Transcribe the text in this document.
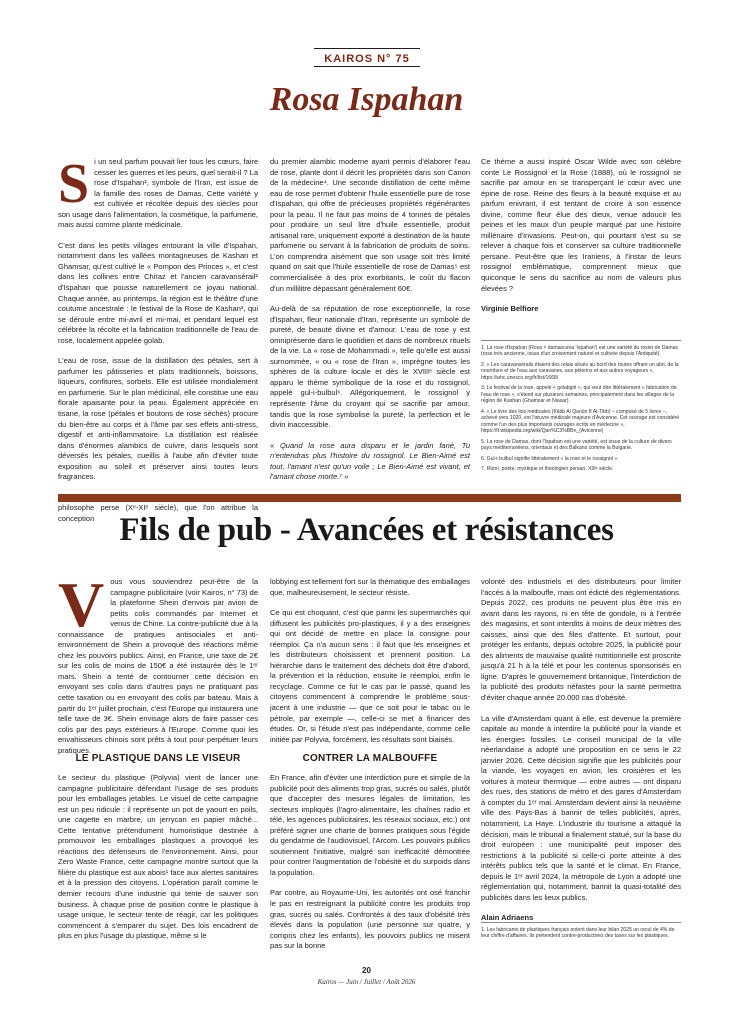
KAIROS N° 75
Rosa Ispahan

S i un seul parfum pouvait lier tous les cœurs, faire cesser les guerres et les peurs, quel serait-il ? La rose d'Ispahan¹, symbole de l'Iran, est issue de la famille des roses de Damas. Cette variété y est cultivée et récoltée depuis des siècles pour son usage dans l'alimentation, la cosmétique, la parfumerie, mais aussi comme plante médicinale.

C'est dans les petits villages entourant la ville d'Ispahan, notamment dans les vallées montagneuses de Kashan et Ghamsar, qu'est cultivé le « Pompon des Princes », et c'est dans les collines entre Chiraz et l'ancien caravansérail² d'Ispahan que pousse naturellement ce joyau national. Chaque année, au printemps, la région est le théâtre d'une coutume ancestrale : le festival de la Rose de Kashan³, qui se déroule entre mi-avril et mi-mai, et pendant lequel est célébrée la récolte et la fabrication traditionnelle de l'eau de rose, localement appelée golab.

L'eau de rose, issue de la distillation des pétales, sert à parfumer les pâtisseries et plats traditionnels, boissons, liqueurs, confitures, sorbets. Elle est utilisée mondialement en parfumerie. Sur le plan médicinal, elle constitue une eau florale apaisante pour la peau. Également appréciée en tisane, la rose (pétales et boutons de rose séchés) procure du bien-être au corps et à l'âme par ses effets anti-stress, digestif et anti-inflammatoire. La distillation est réalisée dans d'énormes alambics de cuivre, dans lesquels sont déversés les pétales, cueillis à l'aube afin d'éviter toute exposition au soleil et préserver ainsi toutes leurs fragrances.

philosophe perse (Xᵉ-XIᵉ siècle), que l'on attribue la conception

du premier alambic moderne ayant permis d'élaborer l'eau de rose, plante dont il décrit les propriétés dans son Canon de la médecine⁴. Une seconde distillation de cette même eau de rose permet d'obtenir l'huile essentielle pure de rose d'Ispahan, qui offre de précieuses propriétés régénérantes pour la peau. Il ne faut pas moins de 4 tonnes de pétales pour produire un seul litre d'huile essentielle, produit artisanal rare, uniquement exporté à destination de la haute parfumerie ou servant à la fabrication de produits de soins. L'on comprendra aisément que son usage soit très limité quand on sait que l'huile essentielle de rose de Damas⁵ est commercialisée à des prix exorbitants, le coût du flacon d'un millilitre dépassant généralement 60€.

Au-delà de sa réputation de rose exceptionnelle, la rose d'Ispahan, fleur nationale d'Iran, représente un symbole de pureté, de beauté divine et d'amour. L'eau de rose y est omniprésente dans le quotidien et dans de nombreux rituels de la vie. La « rose de Mohammadi », telle qu'elle est aussi surnommée, « ou « rose de l'Iran », imprègne toutes les sphères de la culture locale et dès le XVIIIᵉ siècle est apparu le thème symbolique de la rose et du rossignol, appelé gul-i-bulbul⁶. Allégoriquement, le rossignol y représente l'âme du croyant qui se sacrifie par amour, tandis que la rose symbolise la pureté, la perfection et le divin inaccessible.

« Quand la rose aura disparu et le jardin fané, Tu n'entendras plus l'histoire du rossignol. Le Bien-Aimé est tout, l'amant n'est qu'un voile ; Le Bien-Aimé est vivant, et l'amant chose morte.⁷ »

Ce thème a aussi inspiré Oscar Wilde avec son célèbre conte Le Rossignol et la Rose (1888), où le rossignol se sacrifie par amour en se transperçant le cœur avec une épine de rose. Reine des fleurs à la beauté exquise et au parfum enivrant, il est tentant de croire à son essence divine, comme fleur élue des dieux, venue adoucir les peines et les maux d'un peuple marqué par une histoire millénaire d'invasions. Peut-on, qui pourtant s'est su se relever à chaque fois et conserver sa culture traditionnelle persane. Peut-être que les Iraniens, à l'instar de leurs rossignol emblématique, comprennent mieux que quiconque le sens du sacrifice au nom de valeurs plus élevées ?

Virginie Belfiore

1. La rose d'Ispahan (Rosa × damascena 'Ispahan') est une variété du rosier de Damas (rose très ancienne, issue d'un croisement naturel et cultivée depuis l'Antiquité).

2. « Les caravansérails étaient des relais situés au bord des routes offrant un abri, de la nourriture et de l'eau aux caravanes, aux pèlerins et aux autres voyageurs », https://whc.unesco.org/fr/list/1668/

3. Le festival de la rose, appelé « golabgiri », qui veut dire littéralement « fabrication de l'eau de rose », s'étend sur plusieurs semaines, principalement dans les villages de la région de Kashan (Ghamsar et Niasar).

4. « Le livre des lois médicales (Kitāb Al Qanūn fī Al-Tibb) – composé de 5 livres –, achevé vers 1020, est l'œuvre médicale majeure d'Avicenne. Cet ouvrage est considéré comme l'un des plus importants ouvrages écrits en médecine », https://fr.wikipedia.org/wiki/Qan%C3%BBn_(Avicenne)

5. La rose de Damas, dont l'Ispahan est une variété, est issue de la culture de divers pays méditerranéens, orientaux et des Balkans comme la Bulgarie.

6. Gul-i-bulbul signifie littéralement « la rose et le rossignol ».

7. Rûmî, poète, mystique et théologien persan, XIIIᵉ siècle.

Fils de pub - Avancées et résistances

V ous vous souviendrez peut-être de la campagne publicitaire (voir Kairos, n° 73) de la plateforme Shein d'envois par avion de petits colis commandés par Internet et venus de Chine. La contre-publicité due à la connaissance de pratiques antisociales et anti-environnement de Shein a provoqué des réactions même chez les pouvoirs publics. Ainsi, en France, une taxe de 2€ sur les colis de moins de 150€ a été instaurée dès le 1ᵉʳ mars. Shein a tenté de contourner cette décision en envoyant ses colis dans d'autres pays ne pratiquant pas cette taxation ou en envoyant des colis par bateau. Mais à partir du 1ᵉʳ juillet prochain, c'est l'Europe qui instaurera une telle taxe de 3€. Shein envisage alors de faire passer ces colis par des pays extérieurs à l'Europe. Comme quoi les envahisseurs chinois sont prêts à tout pour perpétuer leurs pratiques.

LE PLASTIQUE DANS LE VISEUR

Le secteur du plastique (Polyvia) vient de lancer une campagne publicitaire défendant l'usage de ses produits pour les emballages jetables. Le visuel de cette campagne est un peu ridicule : il représente un pot de yaourt en poils, une cagette en marbre, un jerrycan en papier mâché... Cette tentative prétendument humoristique destinée à promouvoir les emballages plastiques a provoqué les réactions des défenseurs de l'environnement. Ainsi, pour Zero Waste France, cette campagne montre surtout que la filière du plastique est aux abois¹ face aux alertes sanitaires et à la pression des citoyens. L'opération paraît comme le dernier recours d'une industrie qui tente de sauver son business. À chaque prise de position contre le plastique à usage unique, le secteur tente de réagir, car les politiques commencent à s'emparer du sujet. Des lois encadrent de plus en plus l'usage du plastique, même si le

lobbying est tellement fort sur la thématique des emballages que, malheureusement, le secteur résiste.

Ce qui est choquant, c'est que parmi les supermarchés qui diffusent les publicités pro-plastiques, il y a des enseignes qui ont décidé de mettre en place la consigne pour réemploi. Ça n'a aucun sens : il faut que les enseignes et les distributeurs choisissent et prennent position. La hiérarchie dans le traitement des déchets doit être d'abord, la prévention et la réduction, ensuite le réemploi, enfin le recyclage. Comme ce fut le cas par le passé, quand les citoyens commencent à comprendre le problème sous-jacent à une industrie — que ce soit pour le tabac ou le pétrole, par exemple —, celle-ci se met à financer des études. Or, si l'étude n'est pas indépendante, comme celle initiée par Polyvia, forcément, les résultats sont biaisés.

CONTRER LA MALBOUFFE

En France, afin d'éviter une interdiction pure et simple de la publicité pour des aliments trop gras, sucrés ou salés, plutôt que d'accepter des mesures légales de limitation, les secteurs impliqués (l'agro-alimentaire, les chaînes radio et télé, les agences publicitaires, les réseaux sociaux, etc.) ont préféré signer une charte de bonnes pratiques sous l'égide du gendarme de l'audiovisuel, l'Arcom. Les pouvoirs publics soutiennent l'initiative, malgré son inefficacité démontrée pour contrer l'augmentation de l'obésité et du surpoids dans la population.

Par contre, au Royaume-Uni, les autorités ont osé franchir le pas en restreignant la publicité contre les produits trop gras, sucrés ou salés. Confrontés à des taux d'obésité très élevés dans la population (une personne sur quatre, y compris chez les enfants), les pouvoirs publics ne misent pas sur la bonne

volonté des industriels et des distributeurs pour limiter l'accès à la malbouffe, mais ont édicté des réglementations. Depuis 2022, ces produits ne peuvent plus être mis en avant dans les rayons, ni en tête de gondole, ni à l'entrée des magasins, et sont interdits à moins de deux mètres des caisses, ainsi que des files d'attente. Et surtout, pour protéger les enfants, depuis octobre 2025, la publicité pour des aliments de mauvaise qualité nutritionnelle est proscrite jusqu'à 21 h à la télé et pour les contenus sponsorisés en ligne. D'après le gouvernement britannique, l'interdiction de la publicité des produits néfastes pour la santé permettra d'éviter chaque année 20.000 cas d'obésité.

La ville d'Amsterdam quant à elle, est devenue la première capitale au monde à interdire la publicité pour la viande et les énergies fossiles. Le conseil municipal de la ville néerlandaise a adopté une proposition en ce sens le 22 janvier 2026. Cette décision signifie que les publicités pour la viande, les voyages en avion, les croisières et les voitures à moteur thermique — entre autres — ont disparu des rues, des stations de métro et des gares d'Amsterdam à compter du 1ᵉʳ mai. Amsterdam devient ainsi la neuvième ville des Pays-Bas à bannir de telles publicités, après, notamment, La Haye. L'industrie du tourisme a attaqué la décision, mais le tribunal a finalement statué, sur la base du droit européen : une municipalité peut imposer des restrictions à la publicité si celle-ci porte atteinte à des intérêts publics tels que la santé et le climat. En France, depuis le 1ᵉʳ avril 2024, la métropole de Lyon a adopté une réglementation qui, notamment, bannit la quasi-totalité des publicités dans les lieux publics.

Alain Adriaens

1. Les fabricants de plastiques français notent dans leur bilan 2025 un recul de 4% de leur chiffre d'affaires. Ils prétendent contre-productives des taxes sur les plastiques.
20
Kairos — Juin / Juillet / Août 2026
